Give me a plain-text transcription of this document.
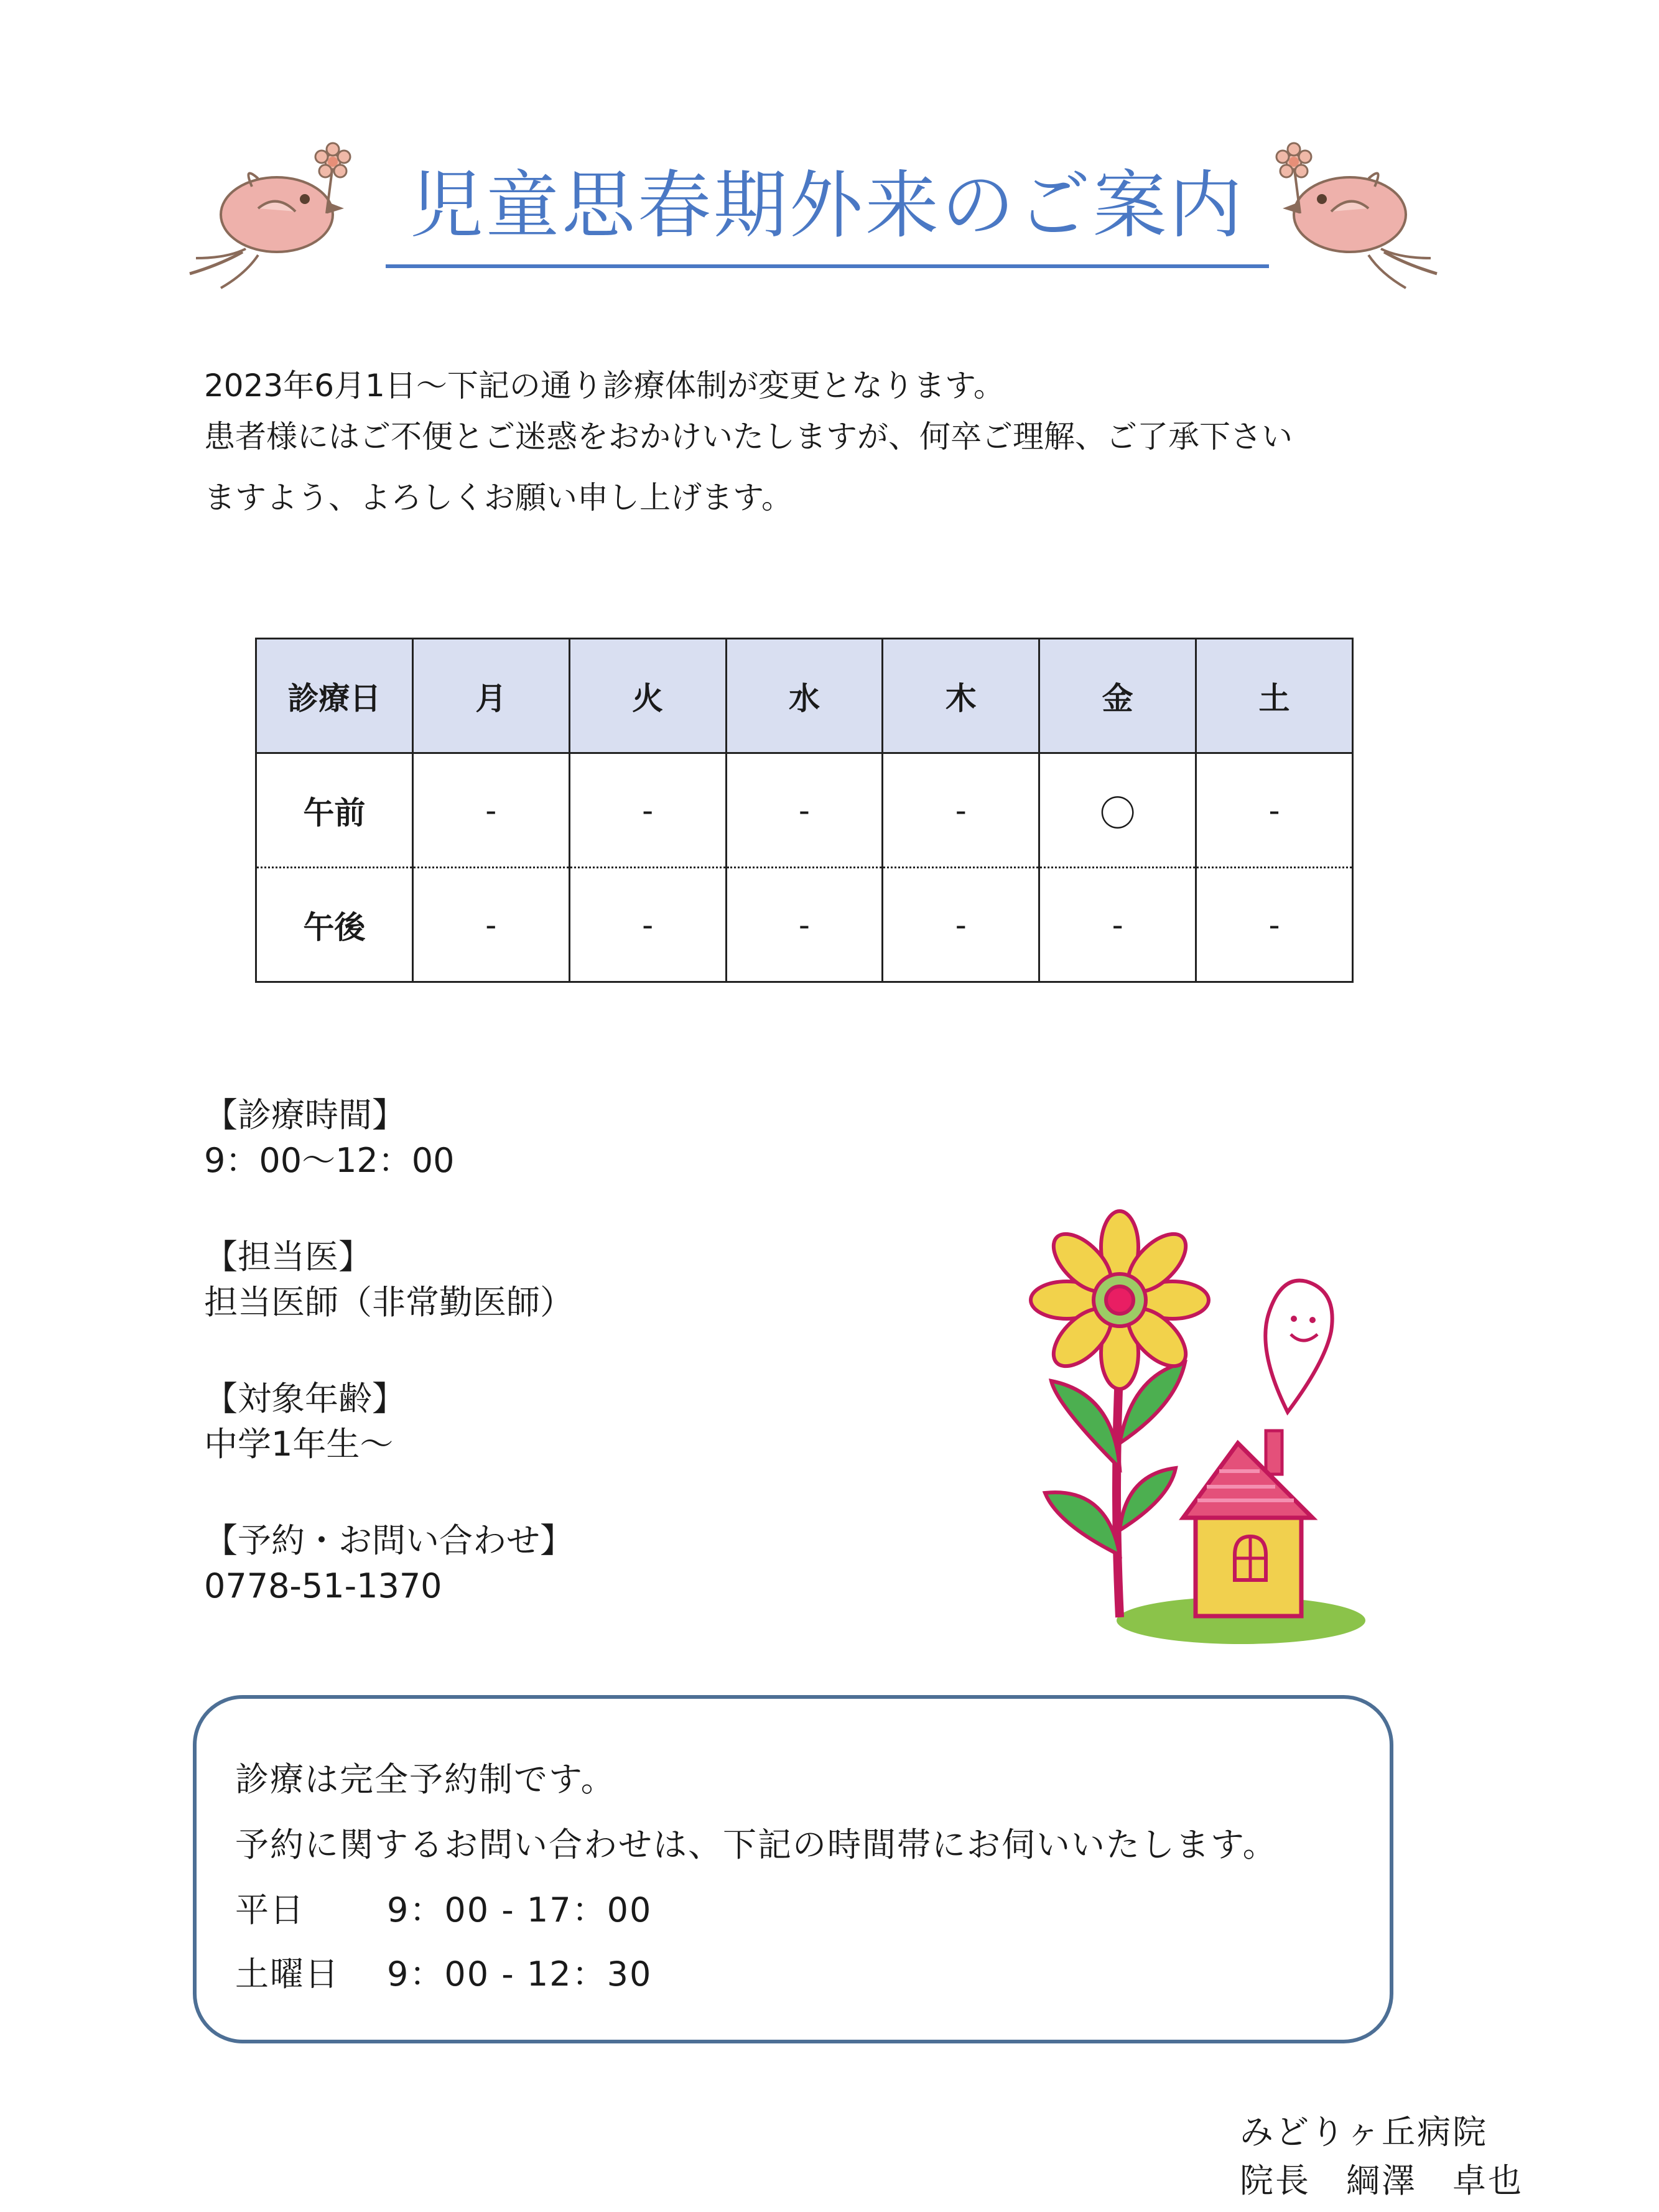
児童思春期外来のご案内
2023年6月1日～下記の通り診療体制が変更となります。
患者様にはご不便とご迷惑をおかけいたしますが、何卒ご理解、ご了承下さい
ますよう、よろしくお願い申し上げます。
診療日	月	火	水	木	金	土
午前	-	-	-	-	〇	-
午後	-	-	-	-	-	-
【診療時間】
9：00～12：00
【担当医】
担当医師（非常勤医師）
【対象年齢】
中学1年生～
【予約・お問い合わせ】
0778-51-1370
診療は完全予約制です。
予約に関するお問い合わせは、下記の時間帯にお伺いいたします。
平日 9：00 - 17：00
土曜日 9：00 - 12：30
みどりヶ丘病院
院長　綱澤　卓也
